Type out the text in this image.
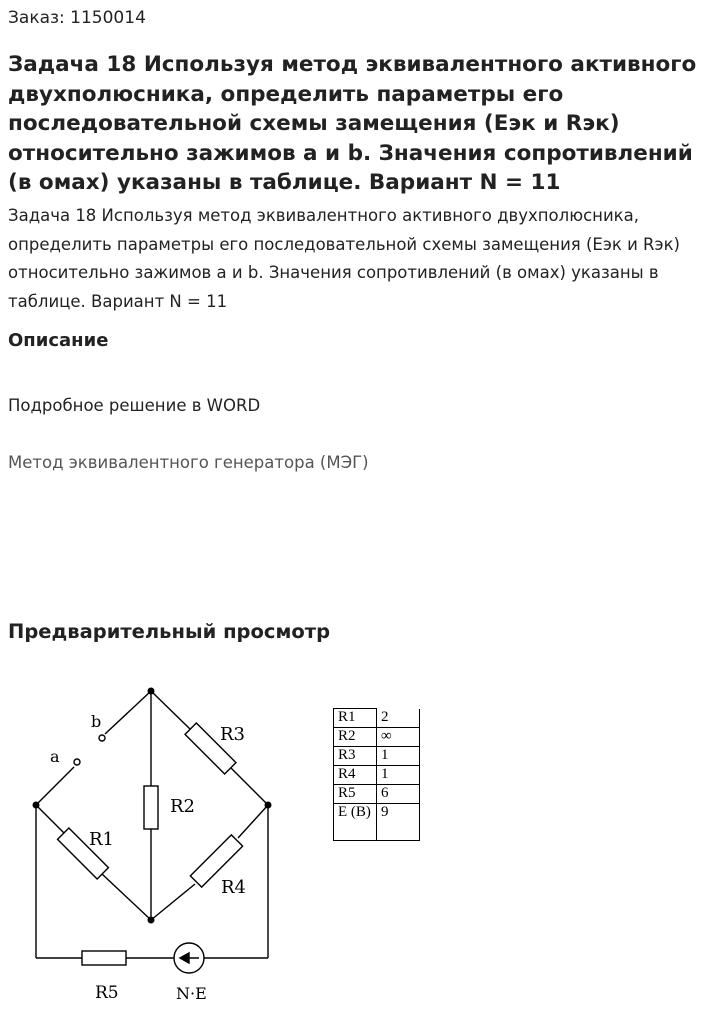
Заказ: 1150014
Задача 18 Используя метод эквивалентного активного двухполюсника, определить параметры его последовательной схемы замещения (Еэк и Rэк) относительно зажимов a и b. Значения сопротивлений (в омах) указаны в таблице. Вариант N = 11

Задача 18 Используя метод эквивалентного активного двухполюсника, определить параметры его последовательной схемы замещения (Еэк и Rэк) относительно зажимов a и b. Значения сопротивлений (в омах) указаны в таблице. Вариант N = 11

Описание
Подробное решение в WORD
Метод эквивалентного генератора (МЭГ)
Предварительный просмотр
b
a
R3
R2
R1
R4
R5	N·E
R1	2
R2	∞
R3	1
R4	1
R5	6
E (B)	9
